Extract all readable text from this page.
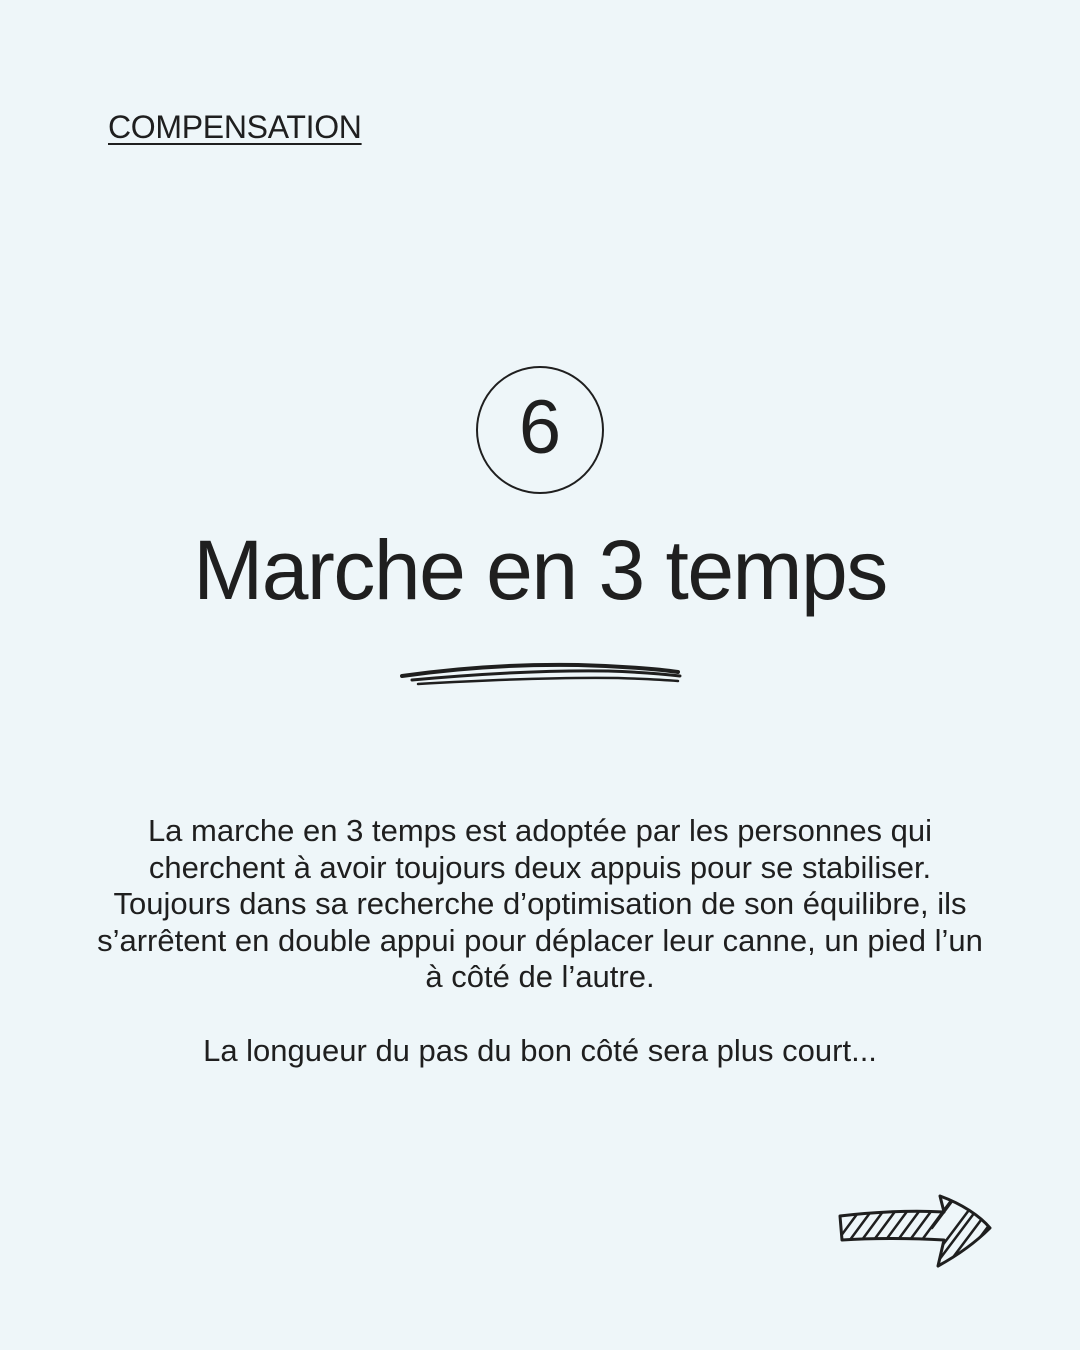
COMPENSATION
6
Marche en 3 temps

La marche en 3 temps est adoptée par les personnes qui cherchent à avoir toujours deux appuis pour se stabiliser.

Toujours dans sa recherche d’optimisation de son équilibre, ils s’arrêtent en double appui pour déplacer leur canne, un pied l’un à côté de l’autre.

La longueur du pas du bon côté sera plus court...
